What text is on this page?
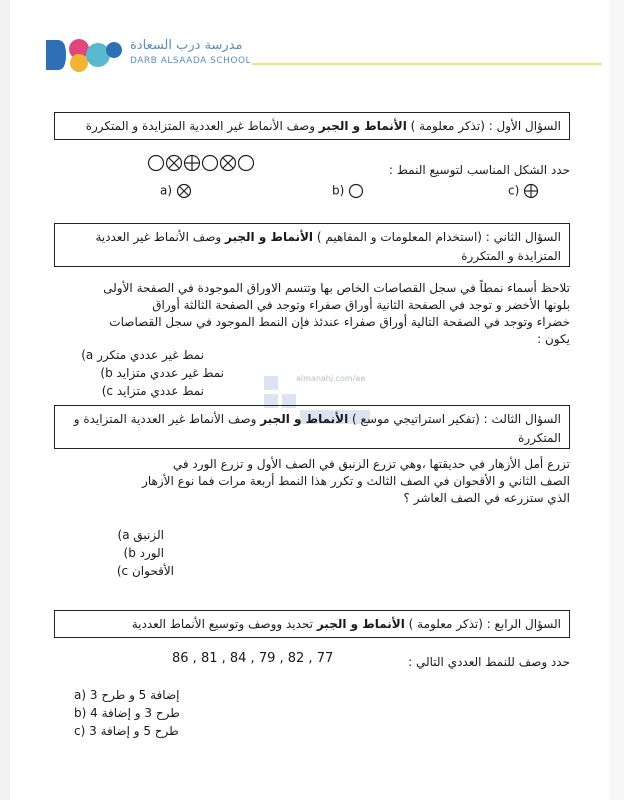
مدرسة درب السعادة
DARB ALSAADA SCHOOL
السؤال الأول : (تذكر معلومة ) الأنماط و الجبر وصف الأنماط غير العددية المتزايدة و المتكررة
حدد الشكل المناسب لتوسيع النمط :
a)	b)	c)
السؤال الثاني : (استخدام المعلومات و المفاهيم ) الأنماط و الجبر وصف الأنماط غير العددية المتزايدة و المتكررة
تلاحظ أسماء نمطاً في سجل القصاصات الخاص بها وتتسم الاوراق الموجودة في الصفحة الأولى
بلونها الأخضر و توجد في الصفحة الثانية أوراق صفراء وتوجد في الصفحة الثالثة أوراق
خضراء وتوجد في الصفحة التالية أوراق صفراء عندئذ فإن النمط الموجود في سجل القصاصات
يكون :
نمط غير عددي متكرر a)
نمط غير عددي متزايد b)
نمط عددي متزايد c)
almanahj.com/ae
السؤال الثالث : (تفكير استراتيجي موسع ) الأنماط و الجبر وصف الأنماط غير العددية المتزايدة و المتكررة
تزرع أمل الأزهار في حديقتها ،وهي تزرع الزنبق في الصف الأول و تزرع الورد في
الصف الثاني و الأقحوان في الصف الثالث و تكرر هذا النمط أربعة مرات فما نوع الأزهار
الذي ستزرعه في الصف العاشر ؟
الزنبق a)
الورد b)
الأقحوان c)
السؤال الرابع : (تذكر معلومة ) الأنماط و الجبر تحديد ووصف وتوسيع الأنماط العددية
حدد وصف للنمط العددي التالي :
86 , 81 , 84 , 79 , 82 , 77
a) إضافة 5 و طرح 3
b) طرح 3 و إضافة 4
c) طرح 5 و إضافة 3
